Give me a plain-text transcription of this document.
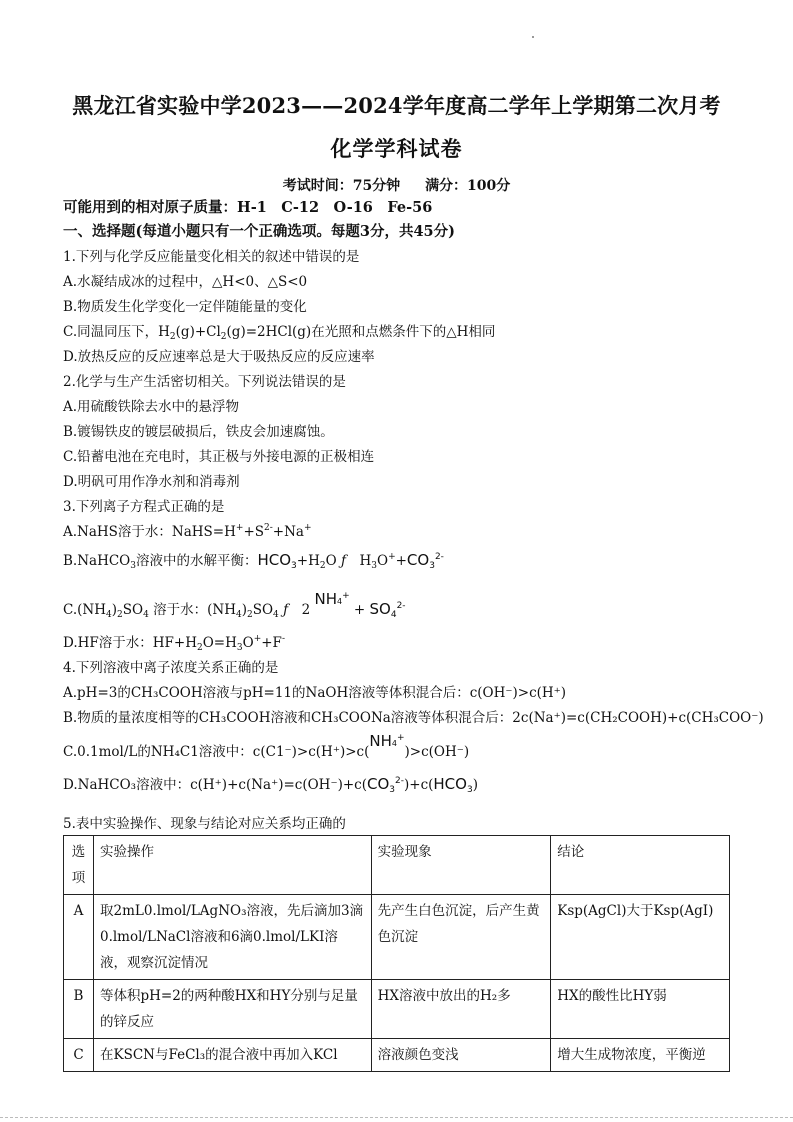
黑龙江省实验中学2023——2024学年度高二学年上学期第二次月考
化学学科试卷
考试时间：75分钟 满分：100分
可能用到的相对原子质量：H-1　C-12　O-16　Fe-56
一、选择题(每道小题只有一个正确选项。每题3分，共45分)
1.下列与化学反应能量变化相关的叙述中错误的是
A.水凝结成冰的过程中，△H<0、△S<0
B.物质发生化学变化一定伴随能量的变化
C.同温同压下，$H_2(g)+Cl_2(g)=2HCl(g)$在光照和点燃条件下的△H相同
D.放热反应的反应速率总是大于吸热反应的反应速率
2.化学与生产生活密切相关。下列说法错误的是
A.用硫酸铁除去水中的悬浮物
B.镀锡铁皮的镀层破损后，铁皮会加速腐蚀。
C.铅蓄电池在充电时，其正极与外接电源的正极相连
D.明矾可用作净水剂和消毒剂
3.下列离子方程式正确的是
A.NaHS溶于水：$NaHS=H^++S^{2-}+Na^+$
B.NaHCO$_3$溶液中的水解平衡：$HCO_3+H_2O$ ƒ　$H_3O^++CO_3^{2-}$
$C.(NH_4)_2SO_4$ 溶于水：$(NH_4)_2SO_4$ ƒ　2 $NH4^+ + SO_4^{2-}$
D.HF溶于水：$HF+H_2O=H_3O^++F^-$
4.下列溶液中离子浓度关系正确的是
A.pH=3的CH₃COOH溶液与pH=11的NaOH溶液等体积混合后：c(OH⁻)>c(H⁺)
B.物质的量浓度相等的CH₃COOH溶液和CH₃COONa溶液等体积混合后：2c(Na⁺)=c(CH₂COOH)+c(CH₃COO⁻)
C.0.1mol/L的NH₄C1溶液中：c(C1⁻)>c(H⁺)>c(NH4+)>c(OH⁻)
D.NaHCO₃溶液中：$c(H^+)+c(Na^+)=c(OH^-)+c(CO_3^{2-})+c(HCO_3)$
5.表中实验操作、现象与结论对应关系均正确的
选项	实验操作	实验现象	结论
A	取2mL0.lmol/LAgNO₃溶液，先后滴加3滴0.lmol/LNaCl溶液和6滴0.lmol/LKI溶液，观察沉淀情况	先产生白色沉淀，后产生黄色沉淀	Ksp(AgCl)大于Ksp(AgI)
B	等体积pH=2的两种酸HX和HY分别与足量的锌反应	HX溶液中放出的H₂多	HX的酸性比HY弱
C	在KSCN与FeCl₃的混合液中再加入KCl	溶液颜色变浅	增大生成物浓度，平衡逆
